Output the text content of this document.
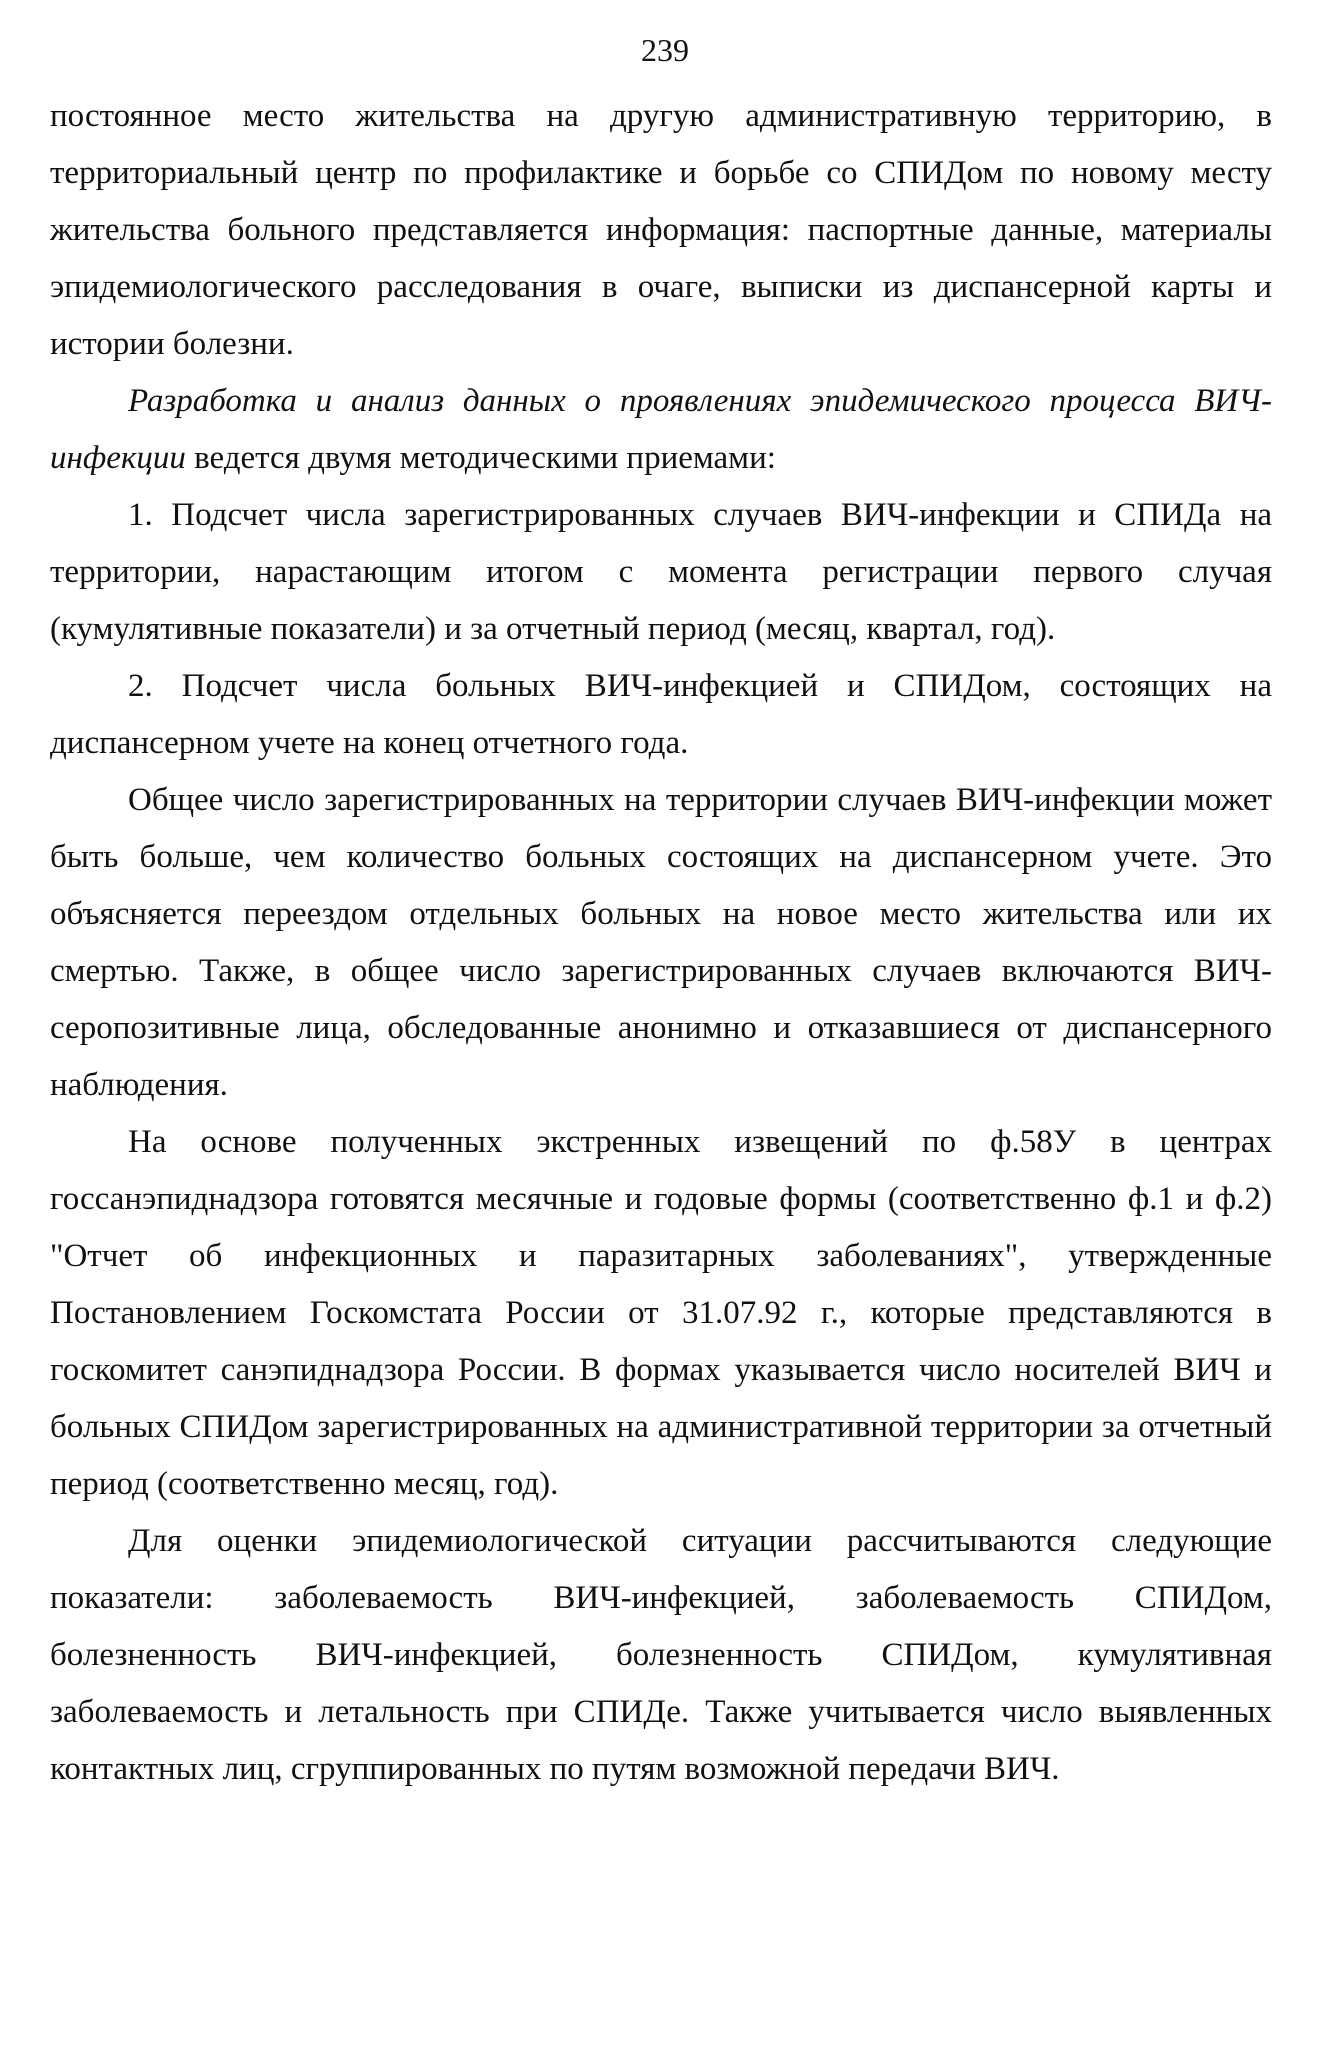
239

постоянное место жительства на другую административную территорию, в территориальный центр по профилактике и борьбе со СПИДом по новому месту жительства больного представляется информация: паспортные данные, материалы эпидемиологического расследования в очаге, выписки из диспансерной карты и истории болезни.

Разработка и анализ данных о проявлениях эпидемического процесса ВИЧ-инфекции ведется двумя методическими приемами:

1. Подсчет числа зарегистрированных случаев ВИЧ-инфекции и СПИДа на территории, нарастающим итогом с момента регистрации первого случая (кумулятивные показатели) и за отчетный период (месяц, квартал, год).

2. Подсчет числа больных ВИЧ-инфекцией и СПИДом, состоящих на диспансерном учете на конец отчетного года.

Общее число зарегистрированных на территории случаев ВИЧ-инфекции может быть больше, чем количество больных состоящих на диспансерном учете. Это объясняется переездом отдельных больных на новое место жительства или их смертью. Также, в общее число зарегистрированных случаев включаются ВИЧ-серопозитивные лица, обследованные анонимно и отказавшиеся от диспансерного наблюдения.

На основе полученных экстренных извещений по ф.58У в центрах госсанэпиднадзора готовятся месячные и годовые формы (соответственно ф.1 и ф.2) "Отчет об инфекционных и паразитарных заболеваниях", утвержденные Постановлением Госкомстата России от 31.07.92 г., которые представляются в госкомитет санэпиднадзора России. В формах указывается число носителей ВИЧ и больных СПИДом зарегистрированных на административной территории за отчетный период (соответственно месяц, год).

Для оценки эпидемиологической ситуации рассчитываются следующие показатели: заболеваемость ВИЧ-инфекцией, заболеваемость СПИДом, болезненность ВИЧ-инфекцией, болезненность СПИДом, кумулятивная заболеваемость и летальность при СПИДе. Также учитывается число выявленных контактных лиц, сгруппированных по путям возможной передачи ВИЧ.
